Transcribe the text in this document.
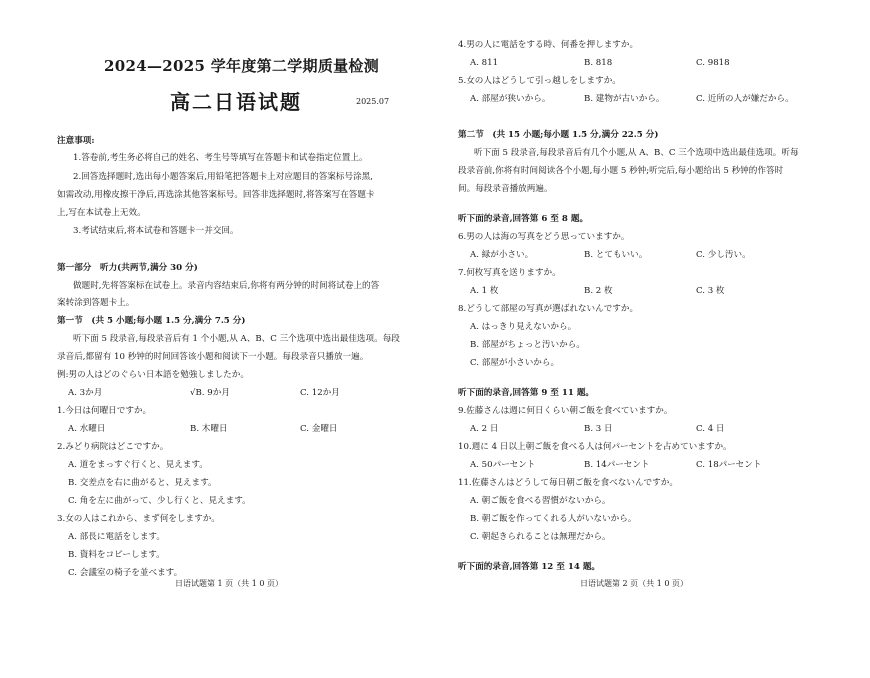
2024—2025 学年度第二学期质量检测
高二日语试题	2025.07
注意事项:
1.答卷前,考生务必将自己的姓名、考生号等填写在答题卡和试卷指定位置上。
2.回答选择题时,选出每小题答案后,用铅笔把答题卡上对应题目的答案标号涂黑,
如需改动,用橡皮擦干净后,再选涂其他答案标号。回答非选择题时,将答案写在答题卡
上,写在本试卷上无效。
3.考试结束后,将本试卷和答题卡一并交回。
第一部分　听力(共两节,满分 30 分)
做题时,先将答案标在试卷上。录音内容结束后,你将有两分钟的时间将试卷上的答
案转涂到答题卡上。
第一节　(共 5 小题;每小题 1.5 分,满分 7.5 分)
听下面 5 段录音,每段录音后有 1 个小题,从 A、B、C 三个选项中选出最佳选项。每段
录音后,都留有 10 秒钟的时间回答该小题和阅读下一小题。每段录音只播放一遍。
例:男の人はどのぐらい日本語を勉強しましたか。
A. 3か月	√B. 9か月	C. 12か月
1.今日は何曜日ですか。
A. 水曜日	B. 木曜日	C. 金曜日
2.みどり病院はどこですか。
A. 道をまっすぐ行くと、見えます。
B. 交差点を右に曲がると、見えます。
C. 角を左に曲がって、少し行くと、見えます。
3.女の人はこれから、まず何をしますか。
A. 部長に電話をします。
B. 資料をコピーします。
C. 会議室の椅子を並べます。
日语试题第 1 页（共 1 0 页）
4.男の人に電話をする時、何番を押しますか。
A. 811	B. 818	C. 9818
5.女の人はどうして引っ越しをしますか。
A. 部屋が狭いから。	B. 建物が古いから。	C. 近所の人が嫌だから。
第二节　(共 15 小题;每小题 1.5 分,满分 22.5 分)
听下面 5 段录音,每段录音后有几个小题,从 A、B、C 三个选项中选出最佳选项。听每
段录音前,你将有时间阅读各个小题,每小题 5 秒钟;听完后,每小题给出 5 秒钟的作答时
间。每段录音播放两遍。
听下面的录音,回答第 6 至 8 题。
6.男の人は海の写真をどう思っていますか。
A. 緑が小さい。	B. とてもいい。	C. 少し汚い。
7.何枚写真を送りますか。
A. 1 枚	B. 2 枚	C. 3 枚
8.どうして部屋の写真が選ばれないんですか。
A. はっきり見えないから。
B. 部屋がちょっと汚いから。
C. 部屋が小さいから。
听下面的录音,回答第 9 至 11 题。
9.佐藤さんは週に何日くらい朝ご飯を食べていますか。
A. 2 日	B. 3 日	C. 4 日
10.週に 4 日以上朝ご飯を食べる人は何パーセントを占めていますか。
A. 50パーセント	B. 14パーセント	C. 18パーセント
11.佐藤さんはどうして毎日朝ご飯を食べないんですか。
A. 朝ご飯を食べる習慣がないから。
B. 朝ご飯を作ってくれる人がいないから。
C. 朝起きられることは無理だから。
听下面的录音,回答第 12 至 14 题。
日语试题第 2 页（共 1 0 页）
